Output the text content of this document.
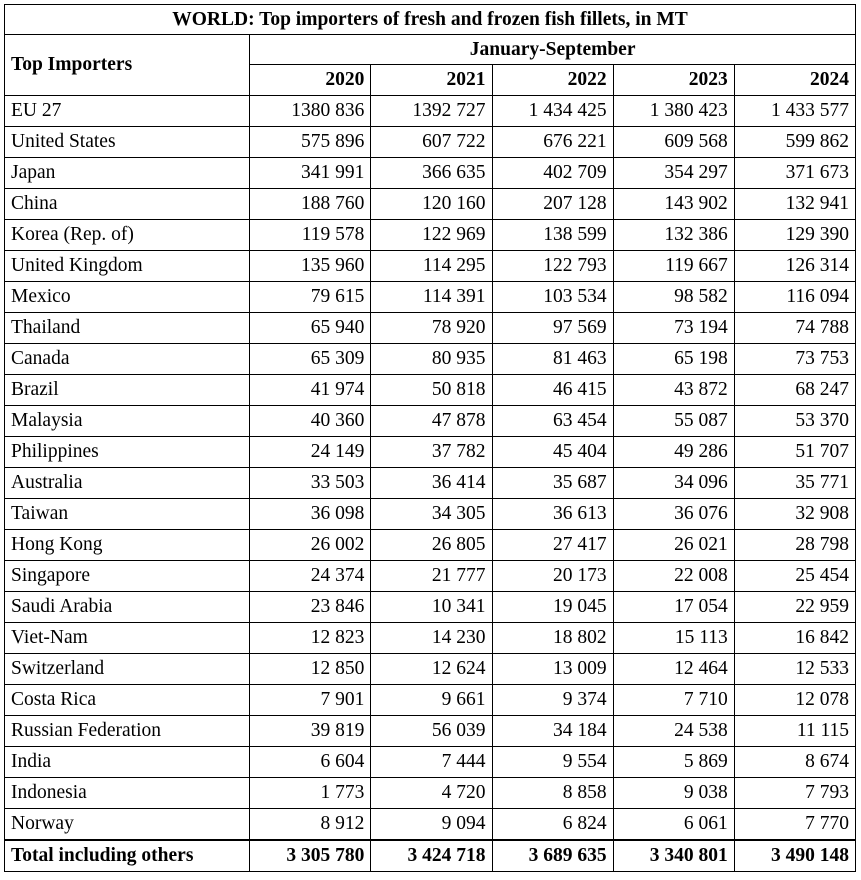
WORLD: Top importers of fresh and frozen fish fillets, in MT					
Top Importers	January-September				
	2020	2021	2022	2023	2024
EU 27	1380 836	1392 727	1 434 425	1 380 423	1 433 577
United States	575 896	607 722	676 221	609 568	599 862
Japan	341 991	366 635	402 709	354 297	371 673
China	188 760	120 160	207 128	143 902	132 941
Korea (Rep. of)	119 578	122 969	138 599	132 386	129 390
United Kingdom	135 960	114 295	122 793	119 667	126 314
Mexico	79 615	114 391	103 534	98 582	116 094
Thailand	65 940	78 920	97 569	73 194	74 788
Canada	65 309	80 935	81 463	65 198	73 753
Brazil	41 974	50 818	46 415	43 872	68 247
Malaysia	40 360	47 878	63 454	55 087	53 370
Philippines	24 149	37 782	45 404	49 286	51 707
Australia	33 503	36 414	35 687	34 096	35 771
Taiwan	36 098	34 305	36 613	36 076	32 908
Hong Kong	26 002	26 805	27 417	26 021	28 798
Singapore	24 374	21 777	20 173	22 008	25 454
Saudi Arabia	23 846	10 341	19 045	17 054	22 959
Viet-Nam	12 823	14 230	18 802	15 113	16 842
Switzerland	12 850	12 624	13 009	12 464	12 533
Costa Rica	7 901	9 661	9 374	7 710	12 078
Russian Federation	39 819	56 039	34 184	24 538	11 115
India	6 604	7 444	9 554	5 869	8 674
Indonesia	1 773	4 720	8 858	9 038	7 793
Norway	8 912	9 094	6 824	6 061	7 770
Total including others	3 305 780	3 424 718	3 689 635	3 340 801	3 490 148
